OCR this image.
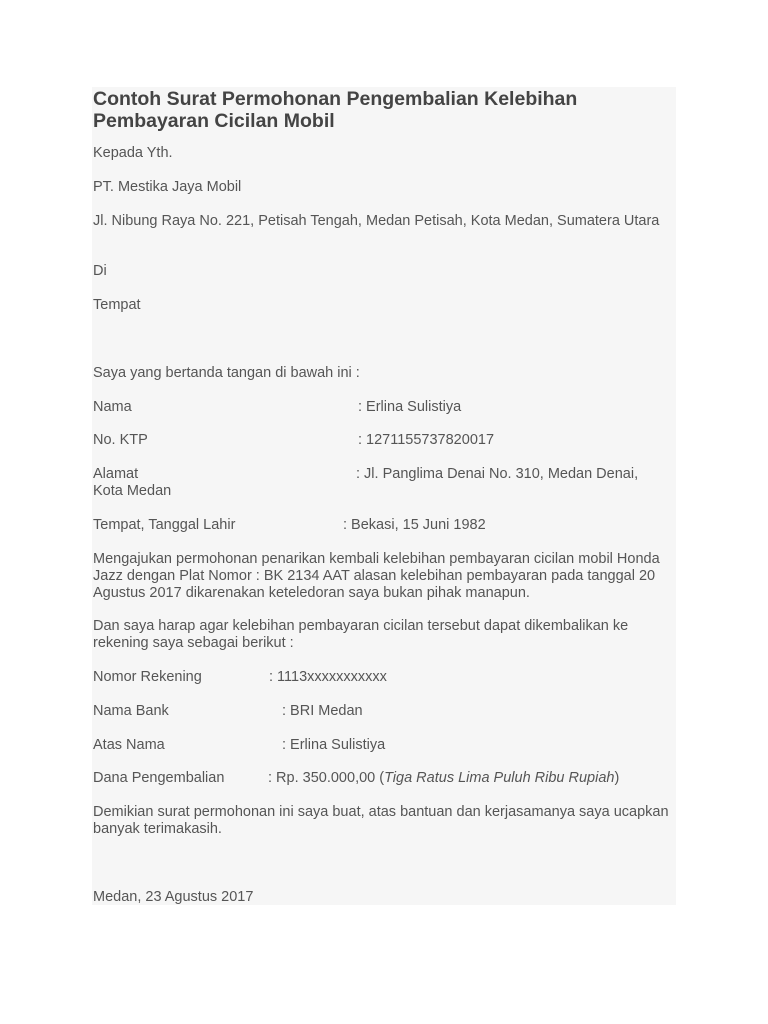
Contoh Surat Permohonan Pengembalian Kelebihan Pembayaran Cicilan Mobil
Kepada Yth.
PT. Mestika Jaya Mobil
Jl. Nibung Raya No. 221, Petisah Tengah, Medan Petisah, Kota Medan, Sumatera Utara
Di
Tempat
Saya yang bertanda tangan di bawah ini :
Nama	: Erlina Sulistiya
No. KTP	: 1271155737820017
Alamat	: Jl. Panglima Denai No. 310, Medan Denai,
Kota Medan
Tempat, Tanggal Lahir	: Bekasi, 15 Juni 1982
Mengajukan permohonan penarikan kembali kelebihan pembayaran cicilan mobil Honda Jazz dengan Plat Nomor : BK 2134 AAT alasan kelebihan pembayaran pada tanggal 20 Agustus 2017 dikarenakan keteledoran saya bukan pihak manapun.
Dan saya harap agar kelebihan pembayaran cicilan tersebut dapat dikembalikan ke rekening saya sebagai berikut :
Nomor Rekening	: 1113xxxxxxxxxxx
Nama Bank	: BRI Medan
Atas Nama	: Erlina Sulistiya
Dana Pengembalian	: Rp. 350.000,00 (Tiga Ratus Lima Puluh Ribu Rupiah)
Demikian surat permohonan ini saya buat, atas bantuan dan kerjasamanya saya ucapkan banyak terimakasih.
Medan, 23 Agustus 2017
